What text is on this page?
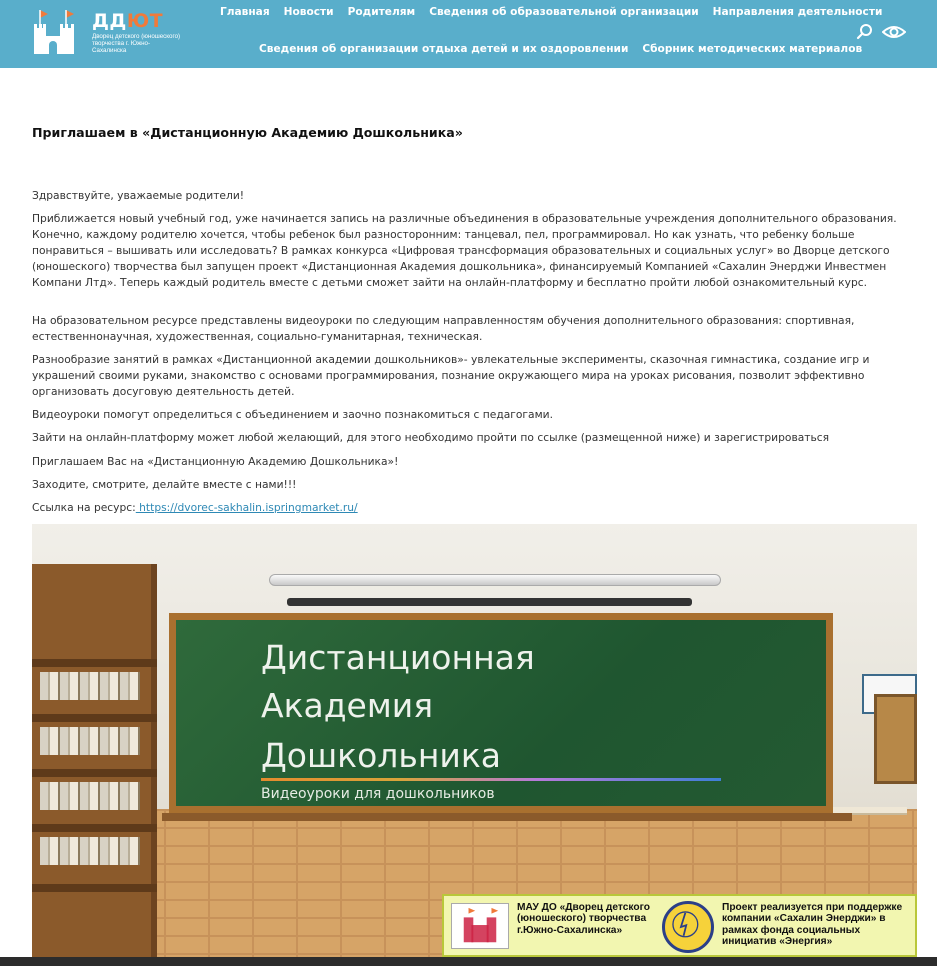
ДДЮТ
Дворец детского (юношеского) творчества г. Южно-Сахалинска
Главная	Новости	Родителям	Сведения об образовательной организации	Направления деятельности
Сведения об организации отдыха детей и их оздоровлении	Сборник методических материалов
Приглашаем в «Дистанционную Академию Дошкольника»
Здравствуйте, уважаемые родители!
Приближается новый учебный год, уже начинается запись на различные объединения в образовательные учреждения дополнительного образования. Конечно, каждому родителю хочется, чтобы ребенок был разносторонним: танцевал, пел, программировал. Но как узнать, что ребенку больше понравиться – вышивать или исследовать? В рамках конкурса «Цифровая трансформация образовательных и социальных услуг» во Дворце детского (юношеского) творчества был запущен проект «Дистанционная Академия дошкольника», финансируемый Компанией «Сахалин Энерджи Инвестмен Компани Лтд». Теперь каждый родитель вместе с детьми сможет зайти на онлайн-платформу и бесплатно пройти любой ознакомительный курс.
На образовательном ресурсе представлены видеоуроки по следующим направленностям обучения дополнительного образования: спортивная, естественнонаучная, художественная, социально-гуманитарная, техническая.
Разнообразие занятий в рамках «Дистанционной академии дошкольников»- увлекательные эксперименты, сказочная гимнастика, создание игр и украшений своими руками, знакомство с основами программирования, познание окружающего мира на уроках рисования, позволит эффективно организовать досуговую деятельность детей.
Видеоуроки помогут определиться с объединением и заочно познакомиться с педагогами.
Зайти на онлайн-платформу может любой желающий, для этого необходимо пройти по ссылке (размещенной ниже) и зарегистрироваться
Приглашаем Вас на «Дистанционную Академию Дошкольника»!
Заходите, смотрите, делайте вместе с нами!!!
Ссылка на ресурс: https://dvorec-sakhalin.ispringmarket.ru/
Дистанционная
Академия
Дошкольника
Видеоуроки для дошкольников
МАУ ДО «Дворец детского (юношеского) творчества г.Южно-Сахалинска»
Проект реализуется при поддержке компании «Сахалин Энерджи» в рамках фонда социальных инициатив «Энергия»
